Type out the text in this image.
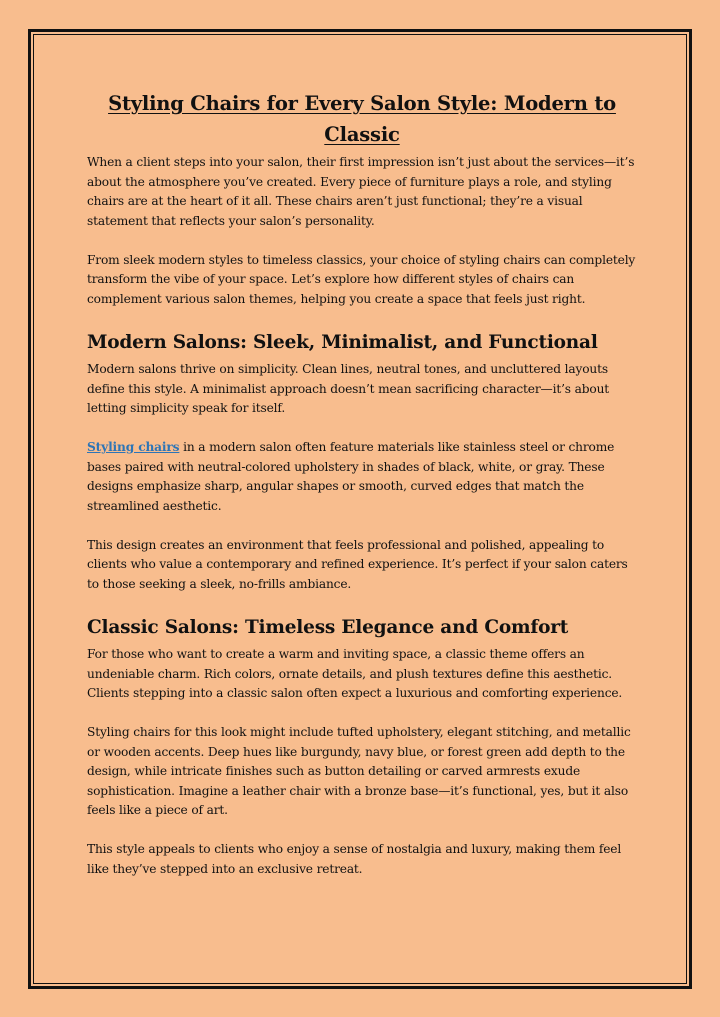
Styling Chairs for Every Salon Style: Modern to Classic

When a client steps into your salon, their first impression isn’t just about the services—it’s about the atmosphere you’ve created. Every piece of furniture plays a role, and styling chairs are at the heart of it all. These chairs aren’t just functional; they’re a visual statement that reflects your salon’s personality.

From sleek modern styles to timeless classics, your choice of styling chairs can completely transform the vibe of your space. Let’s explore how different styles of chairs can complement various salon themes, helping you create a space that feels just right.

Modern Salons: Sleek, Minimalist, and Functional

Modern salons thrive on simplicity. Clean lines, neutral tones, and uncluttered layouts define this style. A minimalist approach doesn’t mean sacrificing character—it’s about letting simplicity speak for itself.

Styling chairs in a modern salon often feature materials like stainless steel or chrome bases paired with neutral-colored upholstery in shades of black, white, or gray. These designs emphasize sharp, angular shapes or smooth, curved edges that match the streamlined aesthetic.

This design creates an environment that feels professional and polished, appealing to clients who value a contemporary and refined experience. It’s perfect if your salon caters to those seeking a sleek, no-frills ambiance.

Classic Salons: Timeless Elegance and Comfort

For those who want to create a warm and inviting space, a classic theme offers an undeniable charm. Rich colors, ornate details, and plush textures define this aesthetic. Clients stepping into a classic salon often expect a luxurious and comforting experience.

Styling chairs for this look might include tufted upholstery, elegant stitching, and metallic or wooden accents. Deep hues like burgundy, navy blue, or forest green add depth to the design, while intricate finishes such as button detailing or carved armrests exude sophistication. Imagine a leather chair with a bronze base—it’s functional, yes, but it also feels like a piece of art.

This style appeals to clients who enjoy a sense of nostalgia and luxury, making them feel like they’ve stepped into an exclusive retreat.
